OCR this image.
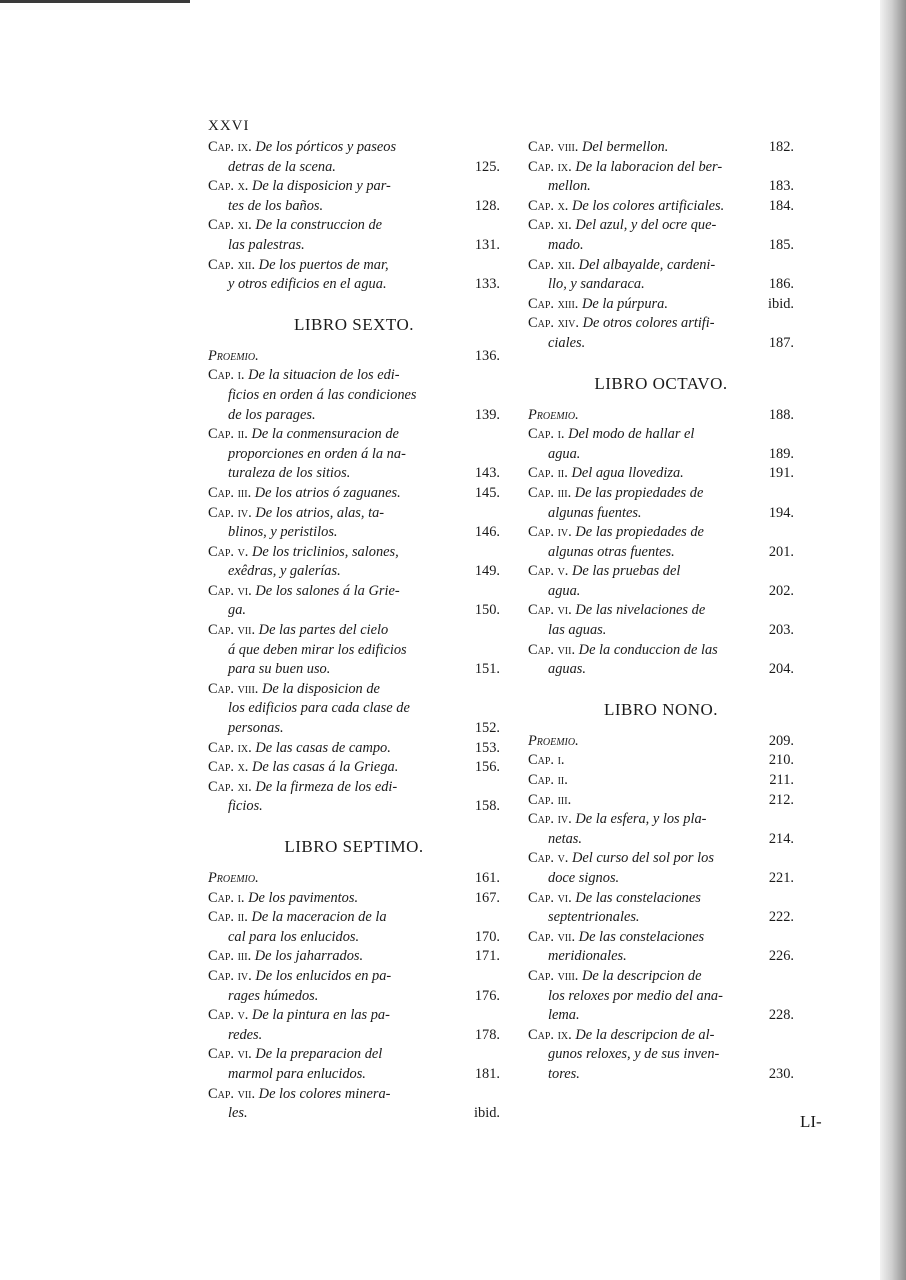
XXVI
Cap. ix. De los pórticos y paseos
detras de la scena.	125.
Cap. x. De la disposicion y par-
tes de los baños.	128.
Cap. xi. De la construccion de
las palestras.	131.
Cap. xii. De los puertos de mar,
y otros edificios en el agua.	133.
LIBRO SEXTO.
Proemio.	136.
Cap. i. De la situacion de los edi-
ficios en orden á las condiciones
de los parages.	139.
Cap. ii. De la conmensuracion de
proporciones en orden á la na-
turaleza de los sitios.	143.
Cap. iii. De los atrios ó zaguanes.	145.
Cap. iv. De los atrios, alas, ta-
blinos, y peristilos.	146.
Cap. v. De los triclinios, salones,
exêdras, y galerías.	149.
Cap. vi. De los salones á la Grie-
ga.	150.
Cap. vii. De las partes del cielo
á que deben mirar los edificios
para su buen uso.	151.
Cap. viii. De la disposicion de
los edificios para cada clase de
personas.	152.
Cap. ix. De las casas de campo.	153.
Cap. x. De las casas á la Griega.	156.
Cap. xi. De la firmeza de los edi-
ficios.	158.
LIBRO SEPTIMO.
Proemio.	161.
Cap. i. De los pavimentos.	167.
Cap. ii. De la maceracion de la
cal para los enlucidos.	170.
Cap. iii. De los jaharrados.	171.
Cap. iv. De los enlucidos en pa-
rages húmedos.	176.
Cap. v. De la pintura en las pa-
redes.	178.
Cap. vi. De la preparacion del
marmol para enlucidos.	181.
Cap. vii. De los colores minera-
les.	ibid.
Cap. viii. Del bermellon.	182.
Cap. ix. De la laboracion del ber-
mellon.	183.
Cap. x. De los colores artificiales.	184.
Cap. xi. Del azul, y del ocre que-
mado.	185.
Cap. xii. Del albayalde, cardeni-
llo, y sandaraca.	186.
Cap. xiii. De la púrpura.	ibid.
Cap. xiv. De otros colores artifi-
ciales.	187.
LIBRO OCTAVO.
Proemio.	188.
Cap. i. Del modo de hallar el
agua.	189.
Cap. ii. Del agua llovediza.	191.
Cap. iii. De las propiedades de
algunas fuentes.	194.
Cap. iv. De las propiedades de
algunas otras fuentes.	201.
Cap. v. De las pruebas del
agua.	202.
Cap. vi. De las nivelaciones de
las aguas.	203.
Cap. vii. De la conduccion de las
aguas.	204.
LIBRO NONO.
Proemio.	209.
Cap. i.	210.
Cap. ii.	211.
Cap. iii.	212.
Cap. iv. De la esfera, y los pla-
netas.	214.
Cap. v. Del curso del sol por los
doce signos.	221.
Cap. vi. De las constelaciones
septentrionales.	222.
Cap. vii. De las constelaciones
meridionales.	226.
Cap. viii. De la descripcion de
los reloxes por medio del ana-
lema.	228.
Cap. ix. De la descripcion de al-
gunos reloxes, y de sus inven-
tores.	230.
LI-
